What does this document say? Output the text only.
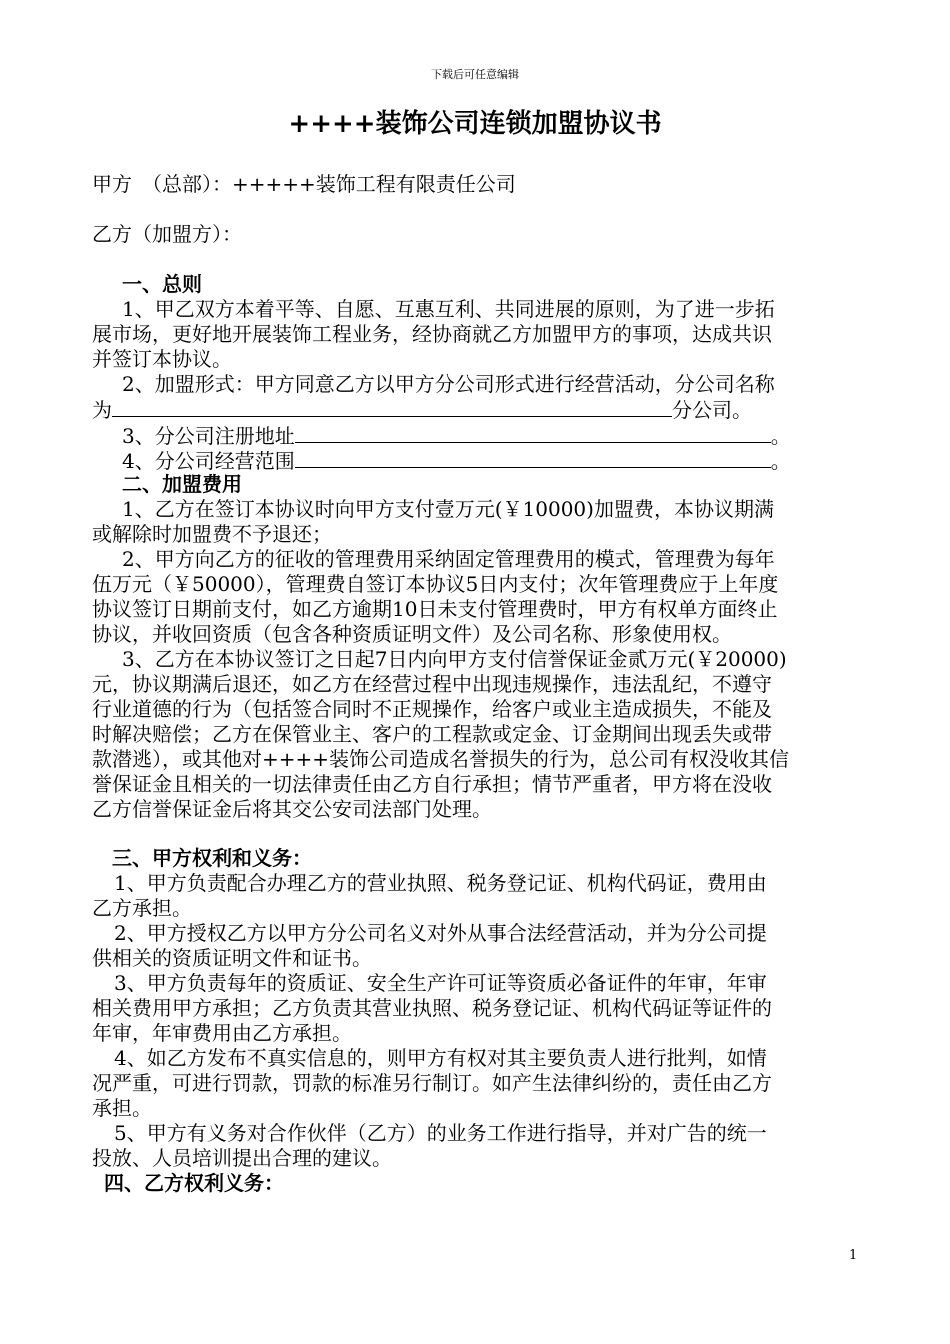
下载后可任意编辑
++++装饰公司连锁加盟协议书
甲方　（总部）：+++++装饰工程有限责任公司
乙方（加盟方）：
一、总则
1、甲乙双方本着平等、自愿、互惠互利、共同进展的原则，为了进一步拓
展市场，更好地开展装饰工程业务，经协商就乙方加盟甲方的事项，达成共识
并签订本协议。
2、加盟形式：甲方同意乙方以甲方分公司形式进行经营活动，分公司名称
为	分公司。
3、分公司注册地址	。
4、分公司经营范围	。
二、加盟费用
1、乙方在签订本协议时向甲方支付壹万元(￥10000)加盟费，本协议期满
或解除时加盟费不予退还；
2、甲方向乙方的征收的管理费用采纳固定管理费用的模式，管理费为每年
伍万元（￥50000），管理费自签订本协议5日内支付；次年管理费应于上年度
协议签订日期前支付，如乙方逾期10日未支付管理费时，甲方有权单方面终止
协议，并收回资质（包含各种资质证明文件）及公司名称、形象使用权。
3、乙方在本协议签订之日起7日内向甲方支付信誉保证金贰万元(￥20000)
元，协议期满后退还，如乙方在经营过程中出现违规操作，违法乱纪，不遵守
行业道德的行为（包括签合同时不正规操作，给客户或业主造成损失，不能及
时解决赔偿；乙方在保管业主、客户的工程款或定金、订金期间出现丢失或带
款潜逃），或其他对++++装饰公司造成名誉损失的行为，总公司有权没收其信
誉保证金且相关的一切法律责任由乙方自行承担；情节严重者，甲方将在没收
乙方信誉保证金后将其交公安司法部门处理。
三、甲方权利和义务：
1、甲方负责配合办理乙方的营业执照、税务登记证、机构代码证，费用由
乙方承担。
2、甲方授权乙方以甲方分公司名义对外从事合法经营活动，并为分公司提
供相关的资质证明文件和证书。
3、甲方负责每年的资质证、安全生产许可证等资质必备证件的年审，年审
相关费用甲方承担；乙方负责其营业执照、税务登记证、机构代码证等证件的
年审，年审费用由乙方承担。
4、如乙方发布不真实信息的，则甲方有权对其主要负责人进行批判，如情
况严重，可进行罚款，罚款的标准另行制订。如产生法律纠纷的，责任由乙方
承担。
5、甲方有义务对合作伙伴（乙方）的业务工作进行指导，并对广告的统一
投放、人员培训提出合理的建议。
四、乙方权利义务：
1
